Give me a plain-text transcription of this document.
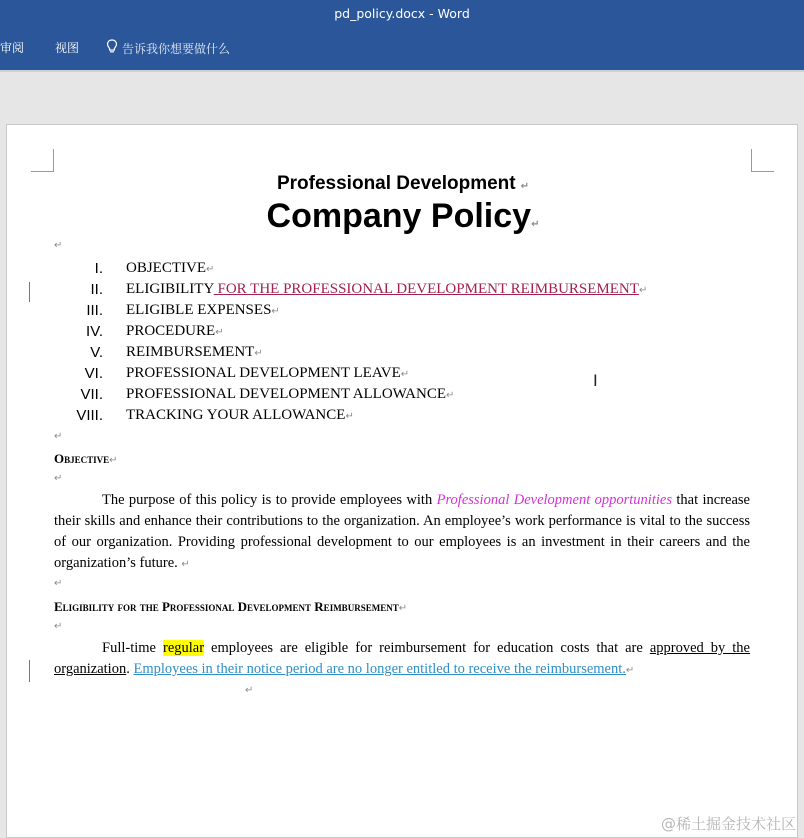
pd_policy.docx - Word
审阅	视图	告诉我你想要做什么
Professional Development ↵
Company Policy↵
↵
I. OBJECTIVE↵
II. ELIGIBILITY FOR THE PROFESSIONAL DEVELOPMENT REIMBURSEMENT↵
III. ELIGIBLE EXPENSES↵
IV. PROCEDURE↵
V. REIMBURSEMENT↵
VI. PROFESSIONAL DEVELOPMENT LEAVE↵
VII. PROFESSIONAL DEVELOPMENT ALLOWANCE↵
VIII. TRACKING YOUR ALLOWANCE↵
↵
Objective↵
↵
The purpose of this policy is to provide employees with Professional Development opportunities that increase their skills and enhance their contributions to the organization. An employee’s work performance is vital to the success of our organization. Providing professional development to our employees is an investment in their careers and the organization’s future. ↵
↵
Eligibility for the Professional Development Reimbursement↵
↵
Full-time regular employees are eligible for reimbursement for education costs that are approved by the organization. Employees in their notice period are no longer entitled to receive the reimbursement.↵
↵
I
@稀土掘金技术社区
